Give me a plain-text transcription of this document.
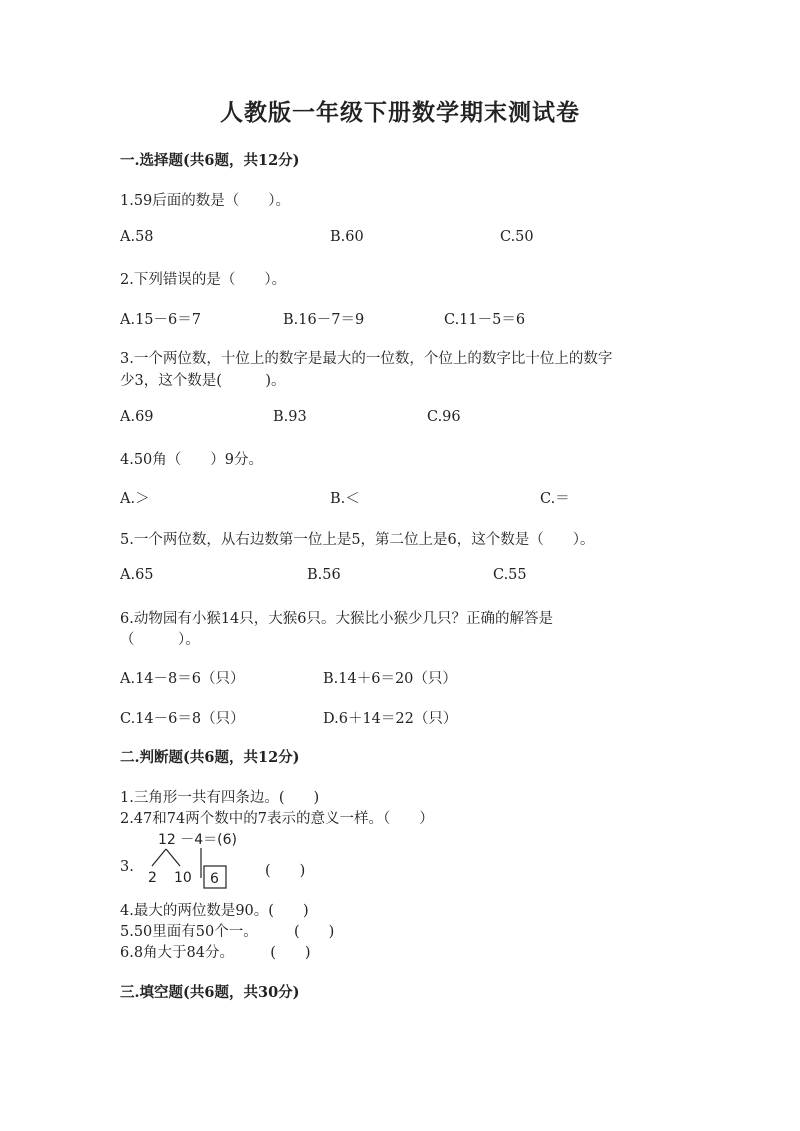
人教版一年级下册数学期末测试卷
一.选择题(共6题，共12分)
1.59后面的数是（　　）。
A.58	B.60	C.50
2.下列错误的是（　　）。
A.15－6＝7	B.16－7＝9	C.11－5＝6
3.一个两位数，十位上的数字是最大的一位数，个位上的数字比十位上的数字
少3，这个数是(　　　)。
A.69	B.93	C.96
4.50角（　　）9分。
A.＞	B.＜	C.＝
5.一个两位数，从右边数第一位上是5，第二位上是6，这个数是（　　）。
A.65	B.56	C.55
6.动物园有小猴14只，大猴6只。大猴比小猴少几只？正确的解答是
（　　　）。
A.14－8＝6（只）	B.14＋6＝20（只）
C.14－6＝8（只）	D.6＋14＝22（只）
二.判断题(共6题，共12分)
1.三角形一共有四条边。(　　)
2.47和74两个数中的7表示的意义一样。（　　）
3.
12 －4＝(6)
2 10 6	(　　)
4.最大的两位数是90。(　　)
5.50里面有50个一。　　　(　　)
6.8角大于84分。　　　(　　)
三.填空题(共6题，共30分)
